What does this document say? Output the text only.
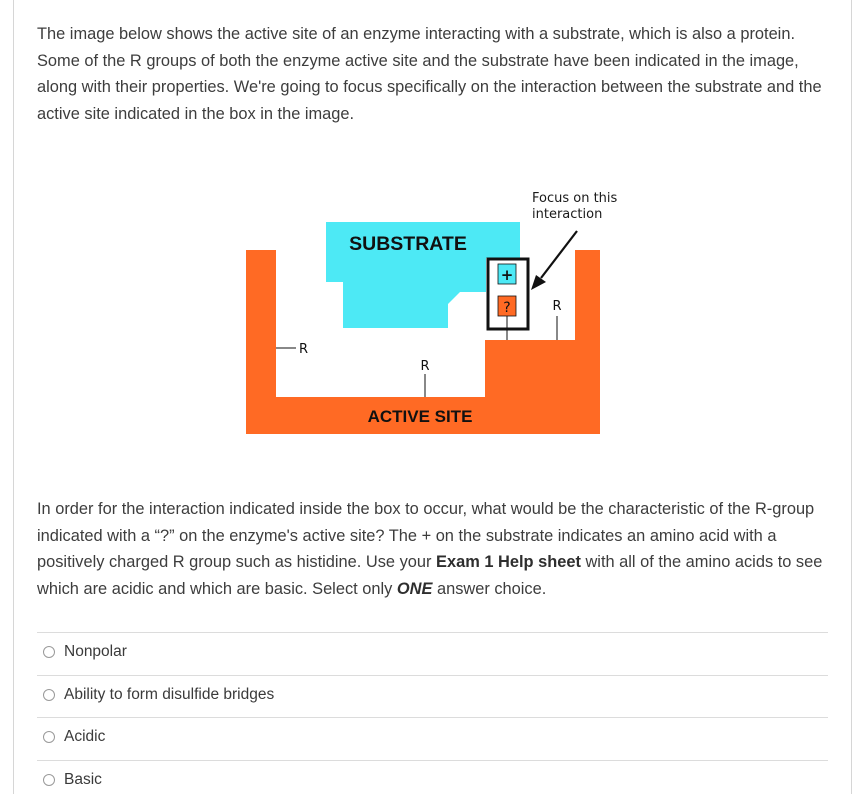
The image below shows the active site of an enzyme interacting with a substrate, which is also a protein. Some of the R groups of both the enzyme active site and the substrate have been indicated in the image, along with their properties. We're going to focus specifically on the interaction between the substrate and the active site indicated in the box in the image.

SUBSTRATE
Focus on this
interaction
+
?
R
R
R
ACTIVE SITE

In order for the interaction indicated inside the box to occur, what would be the characteristic of the R-group indicated with a “?” on the enzyme's active site? The + on the substrate indicates an amino acid with a positively charged R group such as histidine. Use your Exam 1 Help sheet with all of the amino acids to see which are acidic and which are basic. Select only ONE answer choice.

Nonpolar
Ability to form disulfide bridges
Acidic
Basic
